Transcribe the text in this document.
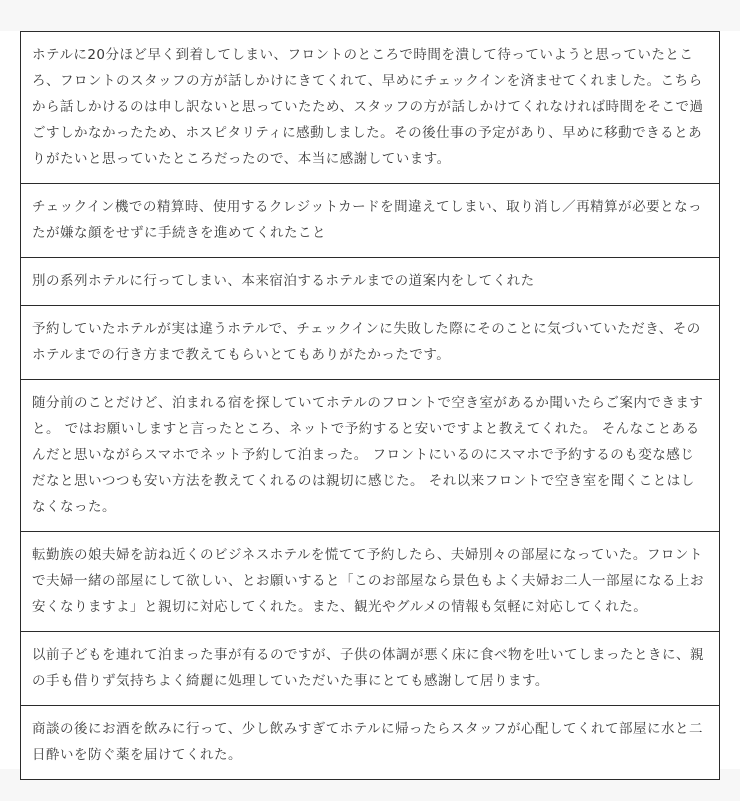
ホテルに20分ほど早く到着してしまい、フロントのところで時間を潰して待っていようと思っていたところ、フロントのスタッフの方が話しかけにきてくれて、早めにチェックインを済ませてくれました。こちらから話しかけるのは申し訳ないと思っていたため、スタッフの方が話しかけてくれなければ時間をそこで過ごすしかなかったため、ホスピタリティに感動しました。その後仕事の予定があり、早めに移動できるとありがたいと思っていたところだったので、本当に感謝しています。
チェックイン機での精算時、使用するクレジットカードを間違えてしまい、取り消し／再精算が必要となったが嫌な顔をせずに手続きを進めてくれたこと
別の系列ホテルに行ってしまい、本来宿泊するホテルまでの道案内をしてくれた
予約していたホテルが実は違うホテルで、チェックインに失敗した際にそのことに気づいていただき、そのホテルまでの行き方まで教えてもらいとてもありがたかったです。
随分前のことだけど、泊まれる宿を探していてホテルのフロントで空き室があるか聞いたらご案内できますと。 ではお願いしますと言ったところ、ネットで予約すると安いですよと教えてくれた。 そんなことあるんだと思いながらスマホでネット予約して泊まった。 フロントにいるのにスマホで予約するのも変な感じだなと思いつつも安い方法を教えてくれるのは親切に感じた。 それ以来フロントで空き室を聞くことはしなくなった。
転勤族の娘夫婦を訪ね近くのビジネスホテルを慌てて予約したら、夫婦別々の部屋になっていた。フロントで夫婦一緒の部屋にして欲しい、とお願いすると「このお部屋なら景色もよく夫婦お二人一部屋になる上お安くなりますよ」と親切に対応してくれた。また、観光やグルメの情報も気軽に対応してくれた。
以前子どもを連れて泊まった事が有るのですが、子供の体調が悪く床に食べ物を吐いてしまったときに、親の手も借りず気持ちよく綺麗に処理していただいた事にとても感謝して居ります。
商談の後にお酒を飲みに行って、少し飲みすぎてホテルに帰ったらスタッフが心配してくれて部屋に水と二日酔いを防ぐ薬を届けてくれた。
